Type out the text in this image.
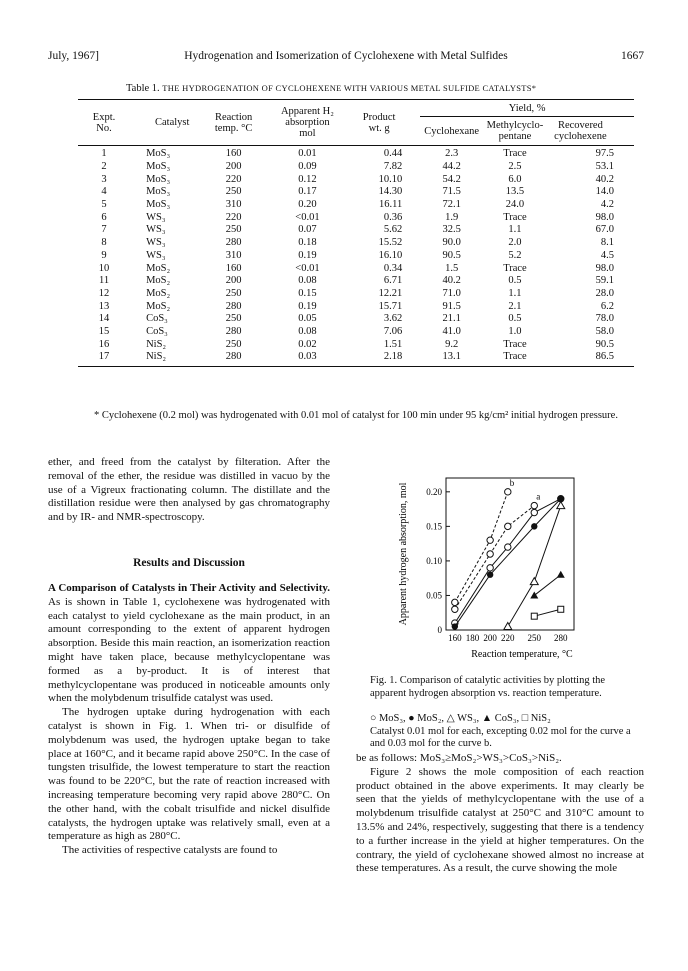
July, 1967]	Hydrogenation and Isomerization of Cyclohexene with Metal Sulfides	1667
Table 1. THE HYDROGENATION OF CYCLOHEXENE WITH VARIOUS METAL SULFIDE CATALYSTS*
Expt. No.	Catalyst	Reaction temp. °C	Apparent H₂ absorption mol	Product wt. g	Yield, %		
					Cyclohexane	Methylcyclo- pentane	Recovered cyclohexene
1	MoS₃	160	0.01	0.44	2.3	Trace	97.5
2	MoS₃	200	0.09	7.82	44.2	2.5	53.1
3	MoS₃	220	0.12	10.10	54.2	6.0	40.2
4	MoS₃	250	0.17	14.30	71.5	13.5	14.0
5	MoS₃	310	0.20	16.11	72.1	24.0	4.2
6	WS₃	220	<0.01	0.36	1.9	Trace	98.0
7	WS₃	250	0.07	5.62	32.5	1.1	67.0
8	WS₃	280	0.18	15.52	90.0	2.0	8.1
9	WS₃	310	0.19	16.10	90.5	5.2	4.5
10	MoS₂	160	<0.01	0.34	1.5	Trace	98.0
11	MoS₂	200	0.08	6.71	40.2	0.5	59.1
12	MoS₂	250	0.15	12.21	71.0	1.1	28.0
13	MoS₂	280	0.19	15.71	91.5	2.1	6.2
14	CoS₃	250	0.05	3.62	21.1	0.5	78.0
15	CoS₃	280	0.08	7.06	41.0	1.0	58.0
16	NiS₂	250	0.02	1.51	9.2	Trace	90.5
17	NiS₂	280	0.03	2.18	13.1	Trace	86.5
* Cyclohexene (0.2 mol) was hydrogenated with 0.01 mol of catalyst for 100 min under 95 kg/cm² initial hydrogen pressure.
ether, and freed from the catalyst by filteration. After the removal of the ether, the residue was distilled in vacuo by the use of a Vigreux fractionating column. The distillate and the distillation residue were then analysed by gas chromatography and by IR- and NMR-spectroscopy.
Results and Discussion

A Comparison of Catalysts in Their Activity and Selectivity. As is shown in Table 1, cyclohexene was hydrogenated with each catalyst to yield cyclohexane as the main product, in an amount corresponding to the extent of apparent hydrogen absorption. Beside this main reaction, an isomerization reaction might have taken place, because methylcyclopentane was formed as a by-product. It is of interest that methylcyclopentane was produced in noticeable amounts only when the molybdenum trisulfide catalyst was used.

The hydrogen uptake during hydrogenation with each catalyst is shown in Fig. 1. When tri- or disulfide of molybdenum was used, the hydrogen uptake began to take place at 160°C, and it became rapid above 250°C. In the case of tungsten trisulfide, the lowest temperature to start the reaction was found to be 220°C, but the rate of reaction increased with increasing temperature becoming very rapid above 280°C. On the other hand, with the cobalt trisulfide and nickel disulfide catalysts, the hydrogen uptake was relatively small, even at a temperature as high as 280°C.

The activities of respective catalysts are found to

0
0.05
0.10
0.15
0.20
160 180 200 220 250 280
Reaction temperature, °C
Apparent hydrogen absorption, mol	a
b
Fig. 1. Comparison of catalytic activities by plotting the apparent hydrogen absorption vs. reaction temperature.
○ MoS₃, ● MoS₂, △ WS₃, ▲ CoS₃, □ NiS₂
Catalyst 0.01 mol for each, excepting 0.02 mol for the curve a and 0.03 mol for the curve b.

be as follows: MoS₃≥MoS₂>WS₃>CoS₃>NiS₂.

Figure 2 shows the mole composition of each reaction product obtained in the above experiments. It may clearly be seen that the yields of methylcyclopentane with the use of a molybdenum trisulfide catalyst at 250°C and 310°C amount to 13.5% and 24%, respectively, suggesting that there is a tendency to a further increase in the yield at higher temperatures. On the contrary, the yield of cyclohexane showed almost no increase at these temperatures. As a result, the curve showing the mole
